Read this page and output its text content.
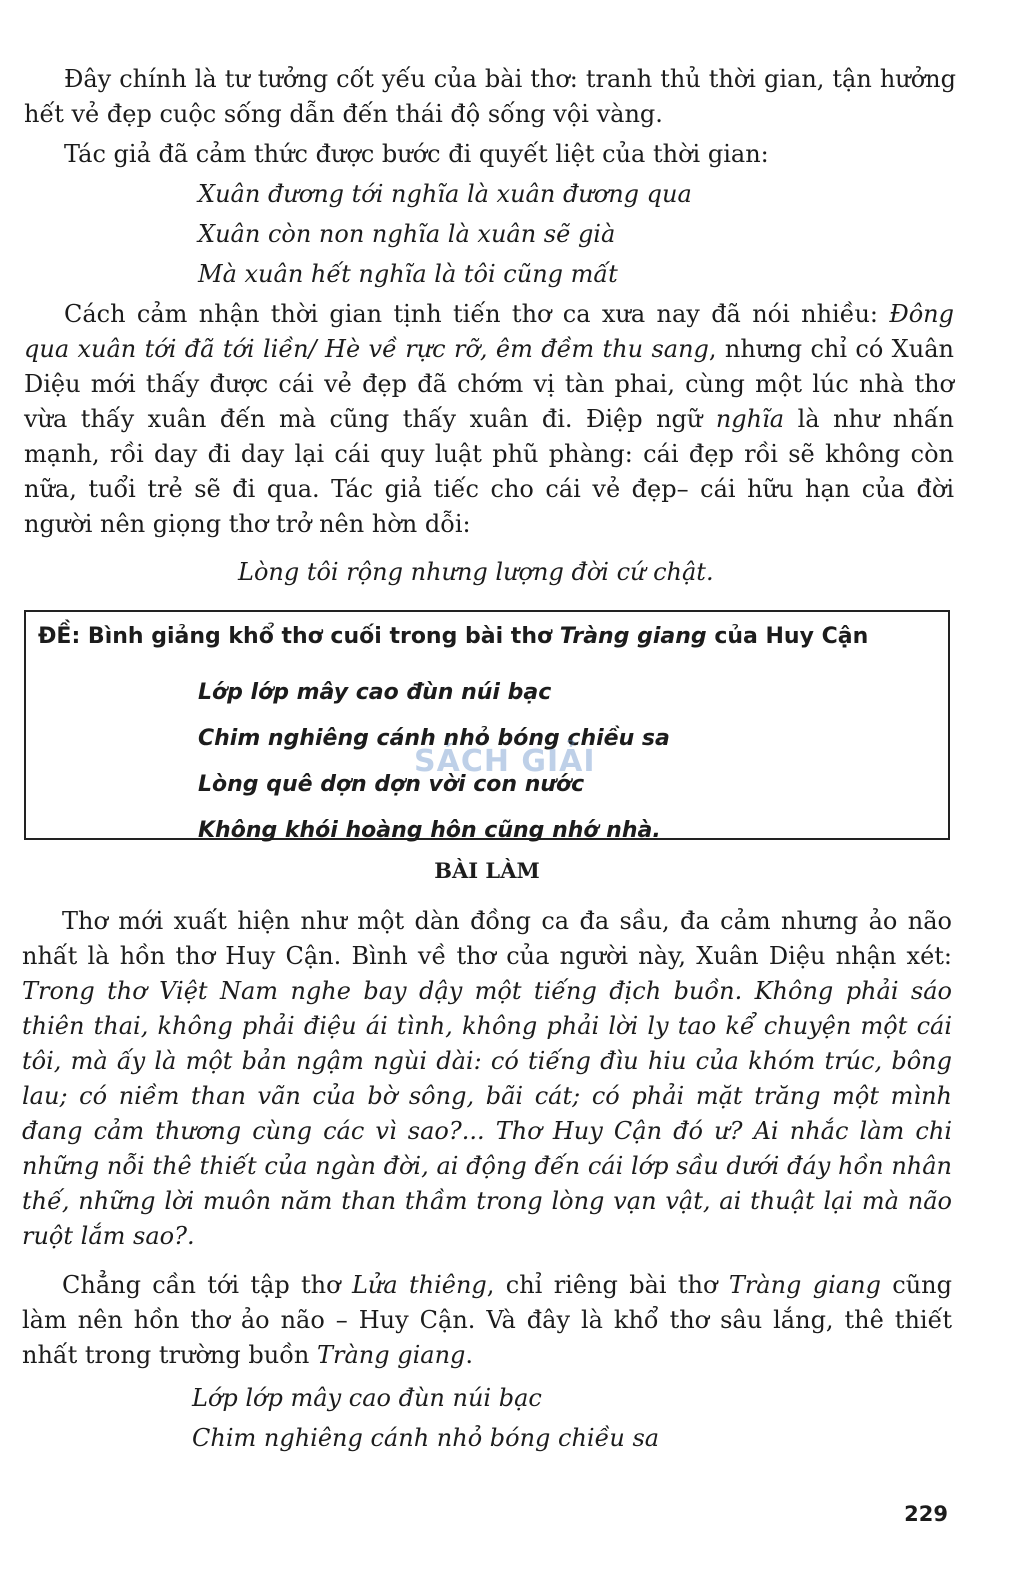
Đây chính là tư tưởng cốt yếu của bài thơ: tranh thủ thời gian, tận hưởng hết vẻ đẹp cuộc sống dẫn đến thái độ sống vội vàng.

Tác giả đã cảm thức được bước đi quyết liệt của thời gian:

Xuân đương tới nghĩa là xuân đương qua
Xuân còn non nghĩa là xuân sẽ già
Mà xuân hết nghĩa là tôi cũng mất

Cách cảm nhận thời gian tịnh tiến thơ ca xưa nay đã nói nhiều: Đông qua xuân tới đã tới liền/ Hè về rực rỡ, êm đềm thu sang, nhưng chỉ có Xuân Diệu mới thấy được cái vẻ đẹp đã chớm vị tàn phai, cùng một lúc nhà thơ vừa thấy xuân đến mà cũng thấy xuân đi. Điệp ngữ nghĩa là như nhấn mạnh, rồi day đi day lại cái quy luật phũ phàng: cái đẹp rồi sẽ không còn nữa, tuổi trẻ sẽ đi qua. Tác giả tiếc cho cái vẻ đẹp– cái hữu hạn của đời người nên giọng thơ trở nên hờn dỗi:

Lòng tôi rộng nhưng lượng đời cứ chật.
ĐỀ: Bình giảng khổ thơ cuối trong bài thơ Tràng giang của Huy Cận
Lớp lớp mây cao đùn núi bạc
Chim nghiêng cánh nhỏ bóng chiều sa
Lòng quê dợn dợn vời con nước
Không khói hoàng hôn cũng nhớ nhà.
SÁCH GIẢI
BÀI LÀM

Thơ mới xuất hiện như một dàn đồng ca đa sầu, đa cảm nhưng ảo não nhất là hồn thơ Huy Cận. Bình về thơ của người này, Xuân Diệu nhận xét: Trong thơ Việt Nam nghe bay dậy một tiếng địch buồn. Không phải sáo thiên thai, không phải điệu ái tình, không phải lời ly tao kể chuyện một cái tôi, mà ấy là một bản ngậm ngùi dài: có tiếng đìu hiu của khóm trúc, bông lau; có niềm than vãn của bờ sông, bãi cát; có phải mặt trăng một mình đang cảm thương cùng các vì sao?... Thơ Huy Cận đó ư? Ai nhắc làm chi những nỗi thê thiết của ngàn đời, ai động đến cái lớp sầu dưới đáy hồn nhân thế, những lời muôn năm than thầm trong lòng vạn vật, ai thuật lại mà não ruột lắm sao?.

Chẳng cần tới tập thơ Lửa thiêng, chỉ riêng bài thơ Tràng giang cũng làm nên hồn thơ ảo não – Huy Cận. Và đây là khổ thơ sâu lắng, thê thiết nhất trong trường buồn Tràng giang.

Lớp lớp mây cao đùn núi bạc
Chim nghiêng cánh nhỏ bóng chiều sa
229
